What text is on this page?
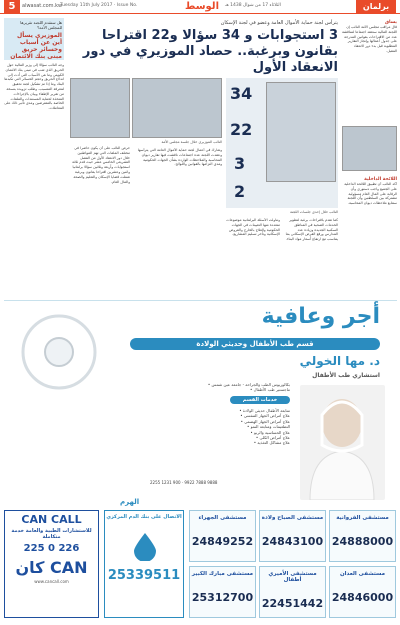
5	alwasat.com.kw
Tuesday 11th July 2017 · Issue No.	الوسط الثلاثاء 17 من شوال 1438 هـ	برلمان
هل ستقدم اللجنة تقريرها للمجلس الأمة؟
الموزيرى يسأل أين عن أسباب وخسائر حريق مبنى بنك الائتمان
وجه النائب سؤالا إلى وزير المالية حول الحريق الذي شب في مبنى بنك الائتمان الكويتي وما هي الأسباب التي أدت إلى اندلاع الحريق وحجم الخسائر التي تكبدها البنك وما إذا تم تشكيل لجنة تحقيق لمعرفة المتسبب. وطلب تزويده بنسخة من تقرير الإطفاء وبيان بالإجراءات المتخذة لحماية المستندات والملفات الخاصة بالمقترضين ومدى تأثير ذلك على المعاملات.
يساق
قال مراقب مجلس الأمة النائب إن اللجنة المالية ستعقد اجتماعا لمناقشة عدد من الاقتراحات بقوانين المدرجة على جدول أعمالها وإنجاز التقارير المطلوبة قبل بدء دور الانعقاد المقبل.
اللائحة الداخلية
أكد النائب أن تطبيق اللائحة الداخلية على الجميع واجب دستوري وأن الرقابة على المال العام مسؤولية مشتركة بين السلطتين وأن اللجنة ستتابع ملاحظات ديوان المحاسبة.
يترأس لجنة حماية الأموال العامة وعضو في لجنة الإسكان
3 استجوابات و 34 سؤالا و22 اقتراحا بقانون وبرغبة.. حصاد الموزيري في دور الانعقاد الأول
النائب الموزيري خلال جلسة مجلس الأمة
34
22
3
2
النائب خلال إحدى جلسات اللجنة
حرص النائب على أن يكون حاضرا في مختلف الملفات التي تهم المواطنين خلال دور الانعقاد الأول من الفصل التشريعي الخامس عشر حيث قدم ثلاثة استجوابات وأربعة وثلاثين سؤالا برلمانيا واثنين وعشرين اقتراحا بقانون وبرغبة شملت قضايا الإسكان والتعليم والصحة والمال العام.
وشارك في أعمال لجنة حماية الأموال العامة التي يترأسها وعقدت اللجنة عدة اجتماعات ناقشت فيها تقارير ديوان المحاسبة والملاحظات الواردة بشأن الجهات الحكومية ومدى التزامها بالقوانين واللوائح.
وتناولت الأسئلة البرلمانية موضوعات متعددة منها التعيينات في الجهات الحكومية والعلاج بالخارج والقروض الإسكانية وتأخر تسليم المشاريع.
كما تقدم باقتراحات برغبة لتطوير الخدمات الصحية في المناطق السكنية الجديدة وزيادة عدد المدارس ورفع القرض الإسكاني بما يتناسب مع ارتفاع أسعار مواد البناء.
أجر وعافية
قسم طب الأطفال وحديثي الولادة
د. مها الخولي
استشاري طب الأطفال
• بكالوريوس الطب والجراحة - جامعة عين شمس
• ماجستير طب الأطفال
خدمات القسم
• متابعة الأطفال حديثي الولادة
• علاج أمراض الجهاز التنفسي
• علاج أمراض الجهاز الهضمي
• التطعيمات ومتابعة النمو
• علاج الحساسية والربو
• علاج أمراض الكلى
• علاج مشاكل التغذية
2255 1231 900 · 9922 7888 9888
الهرم
CAN CALL
للاستشارات الطبية والعامة خدمة متكاملة
225 0 226
كان CAN
www.cancall.com
الاتصال على بنك الدم المركزي
25339511
مستشفى الجهراء
24849252
مستشفى الصباح ولادة
24843100
مستشفى الفروانية
24888000
مستشفى مبارك الكبير
25312700
مستشفى الأميري أطفال
22451442
مستشفى العدان
24846000
